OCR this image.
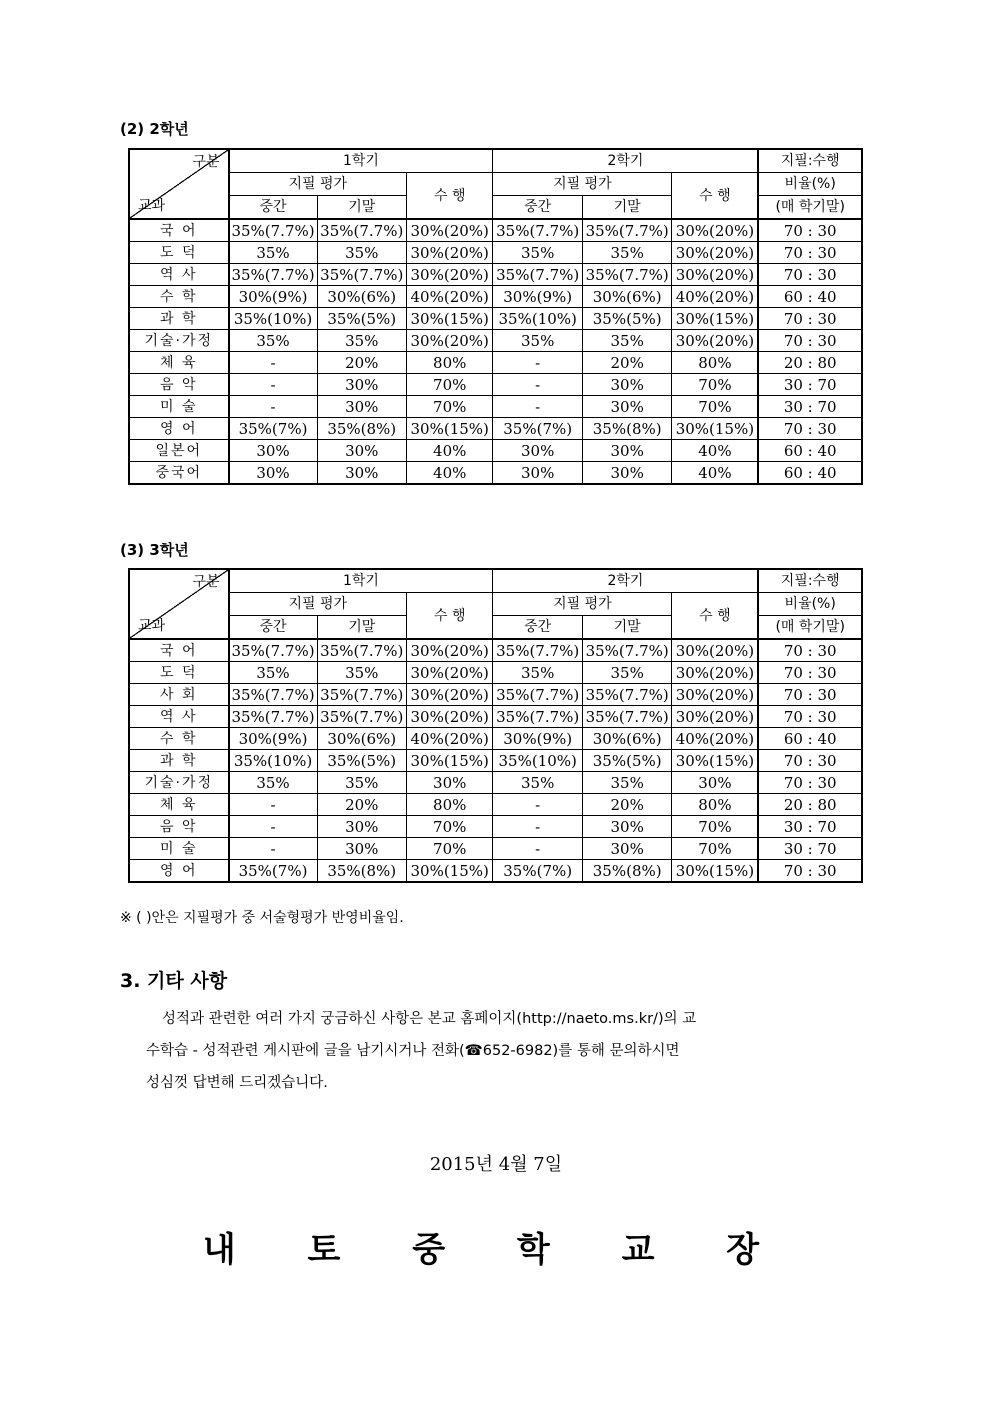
(2) 2학년
구분
교과	1학기			2학기			지필:수행
	지필 평가		수 행	지필 평가		수 행	비율(%)
	중간	기말		중간	기말		(매 학기말)
국 어	35%(7.7%)	35%(7.7%)	30%(20%)	35%(7.7%)	35%(7.7%)	30%(20%)	70 : 30
도 덕	35%	35%	30%(20%)	35%	35%	30%(20%)	70 : 30
역 사	35%(7.7%)	35%(7.7%)	30%(20%)	35%(7.7%)	35%(7.7%)	30%(20%)	70 : 30
수 학	30%(9%)	30%(6%)	40%(20%)	30%(9%)	30%(6%)	40%(20%)	60 : 40
과 학	35%(10%)	35%(5%)	30%(15%)	35%(10%)	35%(5%)	30%(15%)	70 : 30
기술·가정	35%	35%	30%(20%)	35%	35%	30%(20%)	70 : 30
체 육	-	20%	80%	-	20%	80%	20 : 80
음 악	-	30%	70%	-	30%	70%	30 : 70
미 술	-	30%	70%	-	30%	70%	30 : 70
영 어	35%(7%)	35%(8%)	30%(15%)	35%(7%)	35%(8%)	30%(15%)	70 : 30
일본어	30%	30%	40%	30%	30%	40%	60 : 40
중국어	30%	30%	40%	30%	30%	40%	60 : 40
(3) 3학년
구분
교과	1학기			2학기			지필:수행
	지필 평가		수 행	지필 평가		수 행	비율(%)
	중간	기말		중간	기말		(매 학기말)
국 어	35%(7.7%)	35%(7.7%)	30%(20%)	35%(7.7%)	35%(7.7%)	30%(20%)	70 : 30
도 덕	35%	35%	30%(20%)	35%	35%	30%(20%)	70 : 30
사 회	35%(7.7%)	35%(7.7%)	30%(20%)	35%(7.7%)	35%(7.7%)	30%(20%)	70 : 30
역 사	35%(7.7%)	35%(7.7%)	30%(20%)	35%(7.7%)	35%(7.7%)	30%(20%)	70 : 30
수 학	30%(9%)	30%(6%)	40%(20%)	30%(9%)	30%(6%)	40%(20%)	60 : 40
과 학	35%(10%)	35%(5%)	30%(15%)	35%(10%)	35%(5%)	30%(15%)	70 : 30
기술·가정	35%	35%	30%	35%	35%	30%	70 : 30
체 육	-	20%	80%	-	20%	80%	20 : 80
음 악	-	30%	70%	-	30%	70%	30 : 70
미 술	-	30%	70%	-	30%	70%	30 : 70
영 어	35%(7%)	35%(8%)	30%(15%)	35%(7%)	35%(8%)	30%(15%)	70 : 30
※ ( )안은 지필평가 중 서술형평가 반영비율임.
3. 기타 사항
성적과 관련한 여러 가지 궁금하신 사항은 본교 홈페이지(http://naeto.ms.kr/)의 교
수학습 - 성적관련 게시판에 글을 남기시거나 전화(☎652-6982)를 통해 문의하시면
성심껏 답변해 드리겠습니다.
2015년 4월 7일
내 토 중 학 교 장
